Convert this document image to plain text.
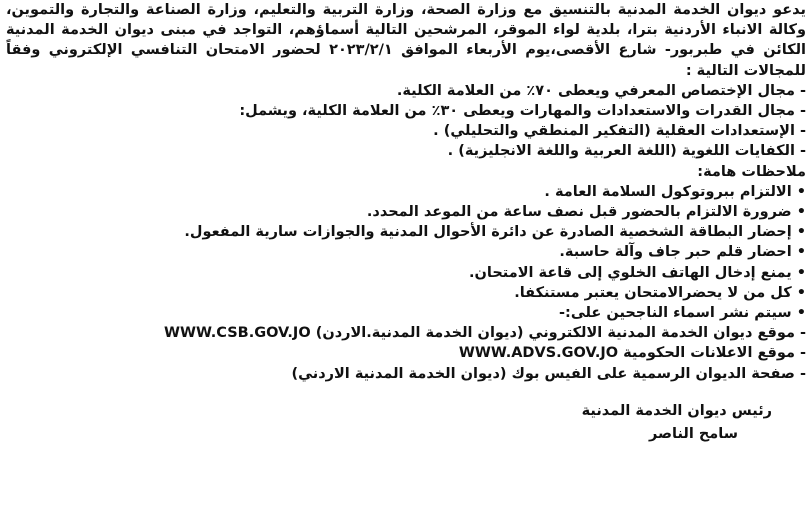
يدعو ديوان الخدمة المدنية بالتنسيق مع وزارة الصحة، وزارة التربية والتعليم، وزارة الصناعة والتجارة والتموين، وكالة الانباء الأردنية بترا، بلدية لواء الموقر، المرشحين التالية أسماؤهم، التواجد في مبنى ديوان الخدمة المدنية الكائن في طبربور- شارع الأقصى،يوم الأربعاء الموافق ٢٠٢٣/٢/١ لحضور الامتحان التنافسي الإلكتروني وفقاً للمجالات التالية :

- مجال الإختصاص المعرفي ويعطى ٧٠٪ من العلامة الكلية.
- مجال القدرات والاستعدادات والمهارات ويعطى ٣٠٪ من العلامة الكلية، ويشمل:
- الإستعدادات العقلية (التفكير المنطقي والتحليلي) .
- الكفايات اللغوية (اللغة العربية واللغة الانجليزية) .
ملاحظات هامة:
• الالتزام ببروتوكول السلامة العامة .
• ضرورة الالتزام بالحضور قبل نصف ساعة من الموعد المحدد.
• إحضار البطاقة الشخصية الصادرة عن دائرة الأحوال المدنية والجوازات سارية المفعول.
• احضار قلم حبر جاف وآلة حاسبة.
• يمنع إدخال الهاتف الخلوي إلى قاعة الامتحان.
• كل من لا يحضرالامتحان يعتبر مستنكفا.
• سيتم نشر اسماء الناجحين على:-
- موقع ديوان الخدمة المدنية الالكتروني (ديوان الخدمة المدنية.الاردن) WWW.CSB.GOV.JO
- موقع الاعلانات الحكومية WWW.ADVS.GOV.JO
- صفحة الديوان الرسمية على الفيس بوك (ديوان الخدمة المدنية الاردني)
رئيس ديوان الخدمة المدنية
سامح الناصر
